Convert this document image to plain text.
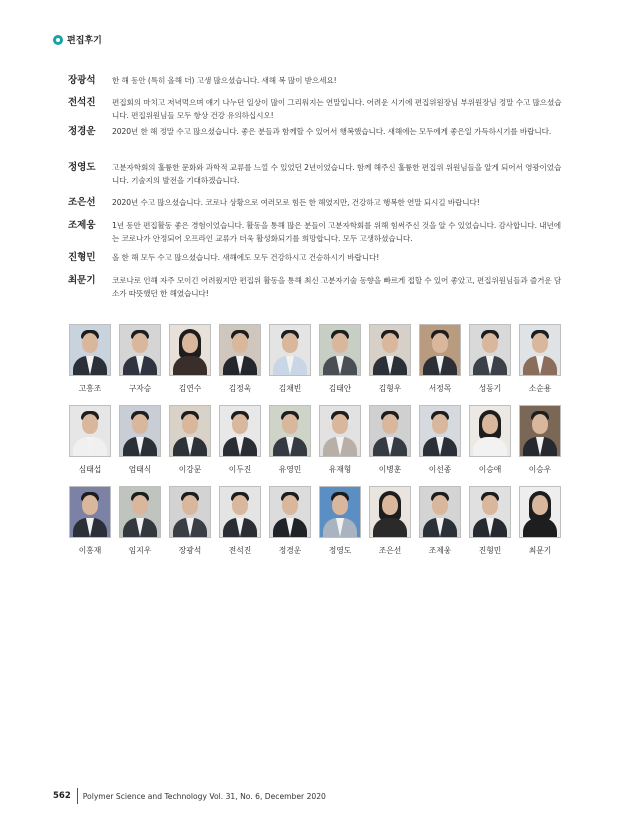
편집후기
장광석	한 해 동안 (특히 올해 더) 고생 많으셨습니다. 새해 복 많이 받으세요!
전석진	편집회의 마치고 저녁먹으며 얘기 나누던 일상이 많이 그리워지는 연말입니다. 어려운 시기에 편집위원장님 부위원장님 정말 수고 많으셨습니다. 편집위원님들 모두 항상 건강 유의하십시오!
정경운	2020년 한 해 정말 수고 많으셨습니다. 좋은 분들과 함께할 수 있어서 행복했습니다. 새해에는 모두에게 좋은일 가득하시기를 바랍니다.
정영도	고분자학회의 훌륭한 문화와 과학적 교류를 느낄 수 있었던 2년이었습니다. 함께 해주신 훌륭한 편집위 위원님들을 알게 되어서 영광이었습니다. 기술지의 발전을 기대하겠습니다.
조은선	2020년 수고 많으셨습니다. 코로나 상황으로 여러모로 힘든 한 해였지만, 건강하고 행복한 연말 되시길 바랍니다!
조제웅	1년 동안 편집활동 좋은 경험이었습니다. 활동을 통해 많은 분들이 고분자학회를 위해 힘써주신 것을 알 수 있었습니다. 감사합니다. 내년에는 코로나가 안정되어 오프라인 교류가 더욱 활성화되기를 희망합니다. 모두 고생하셨습니다.
진형민	올 한 해 모두 수고 많으셨습니다. 새해에도 모두 건강하시고 건승하시기 바랍니다!
최문기	코로나로 인해 자주 모이긴 어려웠지만 편집위 활동을 통해 최신 고분자기술 동향을 빠르게 접할 수 있어 좋았고, 편집위원님들과 즐거운 담소가 따뜻했던 한 해였습니다!
고흥조	구자승	김연수	김정욱	김채빈	김태안	김형우	서정목	성동기	소순용
심태섭	엄태식	이강문	이두진	유영민	유재형	이병훈	이선종	이승애	이승우
이홍재	임지우	장광석	전석진	정경운	정영도	조은선	조제웅	진형민	최문기
562 Polymer Science and Technology Vol. 31, No. 6, December 2020
